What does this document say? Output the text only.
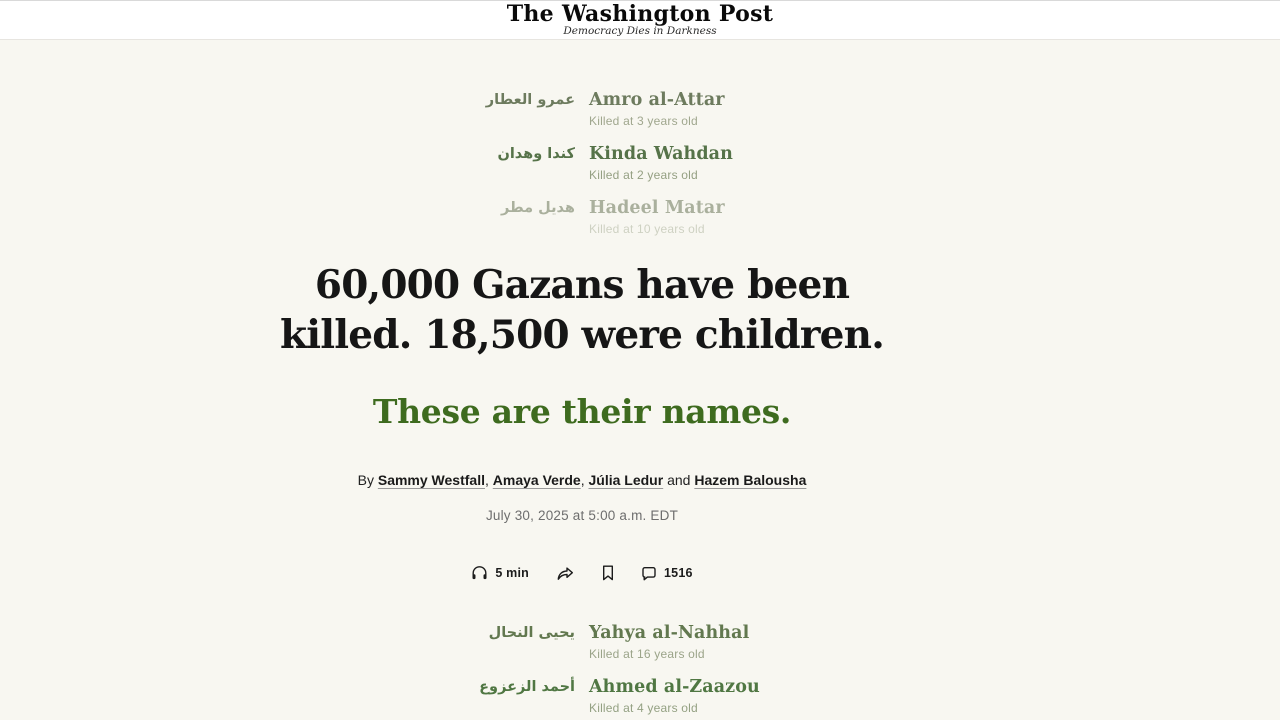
The Washington Post
Democracy Dies in Darkness
عمرو العطار Amro al-Attar
Killed at 3 years old
كندا وهدان Kinda Wahdan
Killed at 2 years old
هديل مطر Hadeel Matar
Killed at 10 years old
60,000 Gazans have been
killed. 18,500 were children.
These are their names.
By Sammy Westfall, Amaya Verde, Júlia Ledur and Hazem Balousha
July 30, 2025 at 5:00 a.m. EDT
5 min	1516
يحيى النحال Yahya al-Nahhal
Killed at 16 years old
أحمد الزعزوع Ahmed al-Zaazou
Killed at 4 years old
